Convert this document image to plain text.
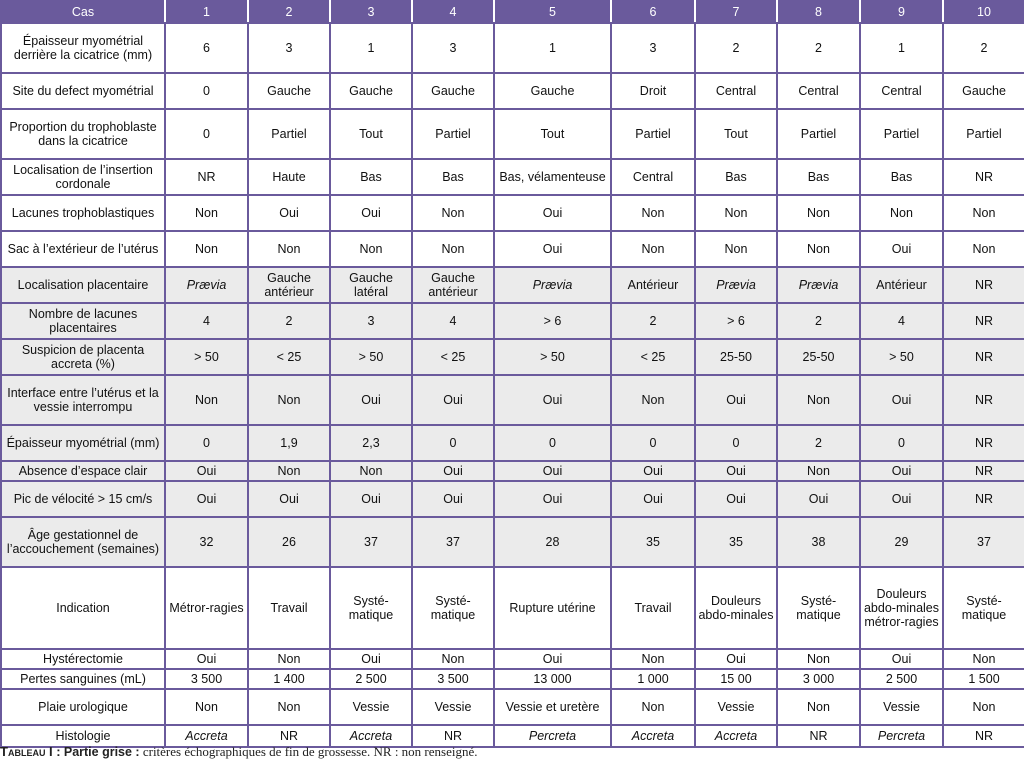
Cas	1	2	3	4	5	6	7	8	9	10
Épaisseur myométrial derrière la cicatrice (mm)	6	3	1	3	1	3	2	2	1	2
Site du defect myométrial	0	Gauche	Gauche	Gauche	Gauche	Droit	Central	Central	Central	Gauche
Proportion du trophoblaste dans la cicatrice	0	Partiel	Tout	Partiel	Tout	Partiel	Tout	Partiel	Partiel	Partiel
Localisation de l’insertion cordonale	NR	Haute	Bas	Bas	Bas, vélamenteuse	Central	Bas	Bas	Bas	NR
Lacunes trophoblastiques	Non	Oui	Oui	Non	Oui	Non	Non	Non	Non	Non
Sac à l’extérieur de l’utérus	Non	Non	Non	Non	Oui	Non	Non	Non	Oui	Non
Localisation placentaire	Prævia	Gauche antérieur	Gauche latéral	Gauche antérieur	Prævia	Antérieur	Prævia	Prævia	Antérieur	NR
Nombre de lacunes placentaires	4	2	3	4	> 6	2	> 6	2	4	NR
Suspicion de placenta accreta (%)	> 50	< 25	> 50	< 25	> 50	< 25	25-50	25-50	> 50	NR
Interface entre l’utérus et la vessie interrompu	Non	Non	Oui	Oui	Oui	Non	Oui	Non	Oui	NR
Épaisseur myométrial (mm)	0	1,9	2,3	0	0	0	0	2	0	NR
Absence d’espace clair	Oui	Non	Non	Oui	Oui	Oui	Oui	Non	Oui	NR
Pic de vélocité > 15 cm/s	Oui	Oui	Oui	Oui	Oui	Oui	Oui	Oui	Oui	NR
Âge gestationnel de l’accouchement (semaines)	32	26	37	37	28	35	35	38	29	37
Indication	Métror-ragies	Travail	Systé-matique	Systé-matique	Rupture utérine	Travail	Douleurs abdo-minales	Systé-matique	Douleurs abdo-minales métror-ragies	Systé-matique
Hystérectomie	Oui	Non	Oui	Non	Oui	Non	Oui	Non	Oui	Non
Pertes sanguines (mL)	3 500	1 400	2 500	3 500	13 000	1 000	15 00	3 000	2 500	1 500
Plaie urologique	Non	Non	Vessie	Vessie	Vessie et uretère	Non	Vessie	Non	Vessie	Non
Histologie	Accreta	NR	Accreta	NR	Percreta	Accreta	Accreta	NR	Percreta	NR
Tableau I : Partie grise : critères échographiques de fin de grossesse. NR : non renseigné.
